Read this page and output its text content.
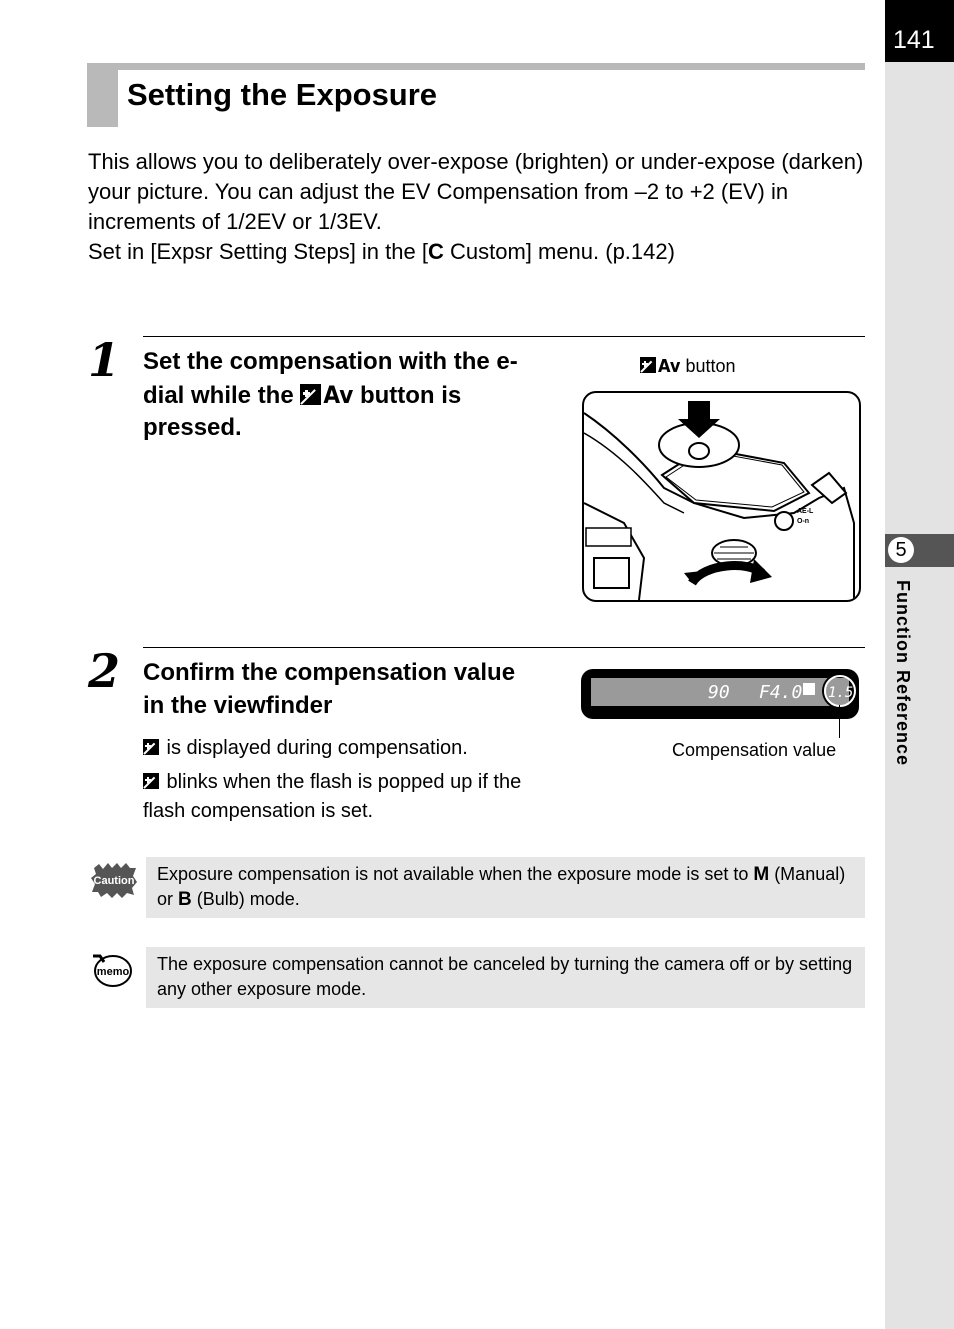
141
5
Function Reference
Setting the Exposure

This allows you to deliberately over-expose (brighten) or under-expose (darken) your picture. You can adjust the EV Compensation from –2 to +2 (EV) in increments of 1/2EV or 1/3EV.

Set in [Expsr Setting Steps] in the [C Custom] menu. (p.142)

1 Set the compensation with the e-dial while the
Av button is pressed.
Av button
AE-L
O-n
2 Confirm the compensation value in the viewfinder

is displayed during compensation.

blinks when the flash is popped up if the flash compensation is set.

90 F4.0 1.5
Compensation value
Caution	Exposure compensation is not available when the exposure mode is set to M (Manual) or B (Bulb) mode.
memo	The exposure compensation cannot be canceled by turning the camera off or by setting any other exposure mode.
